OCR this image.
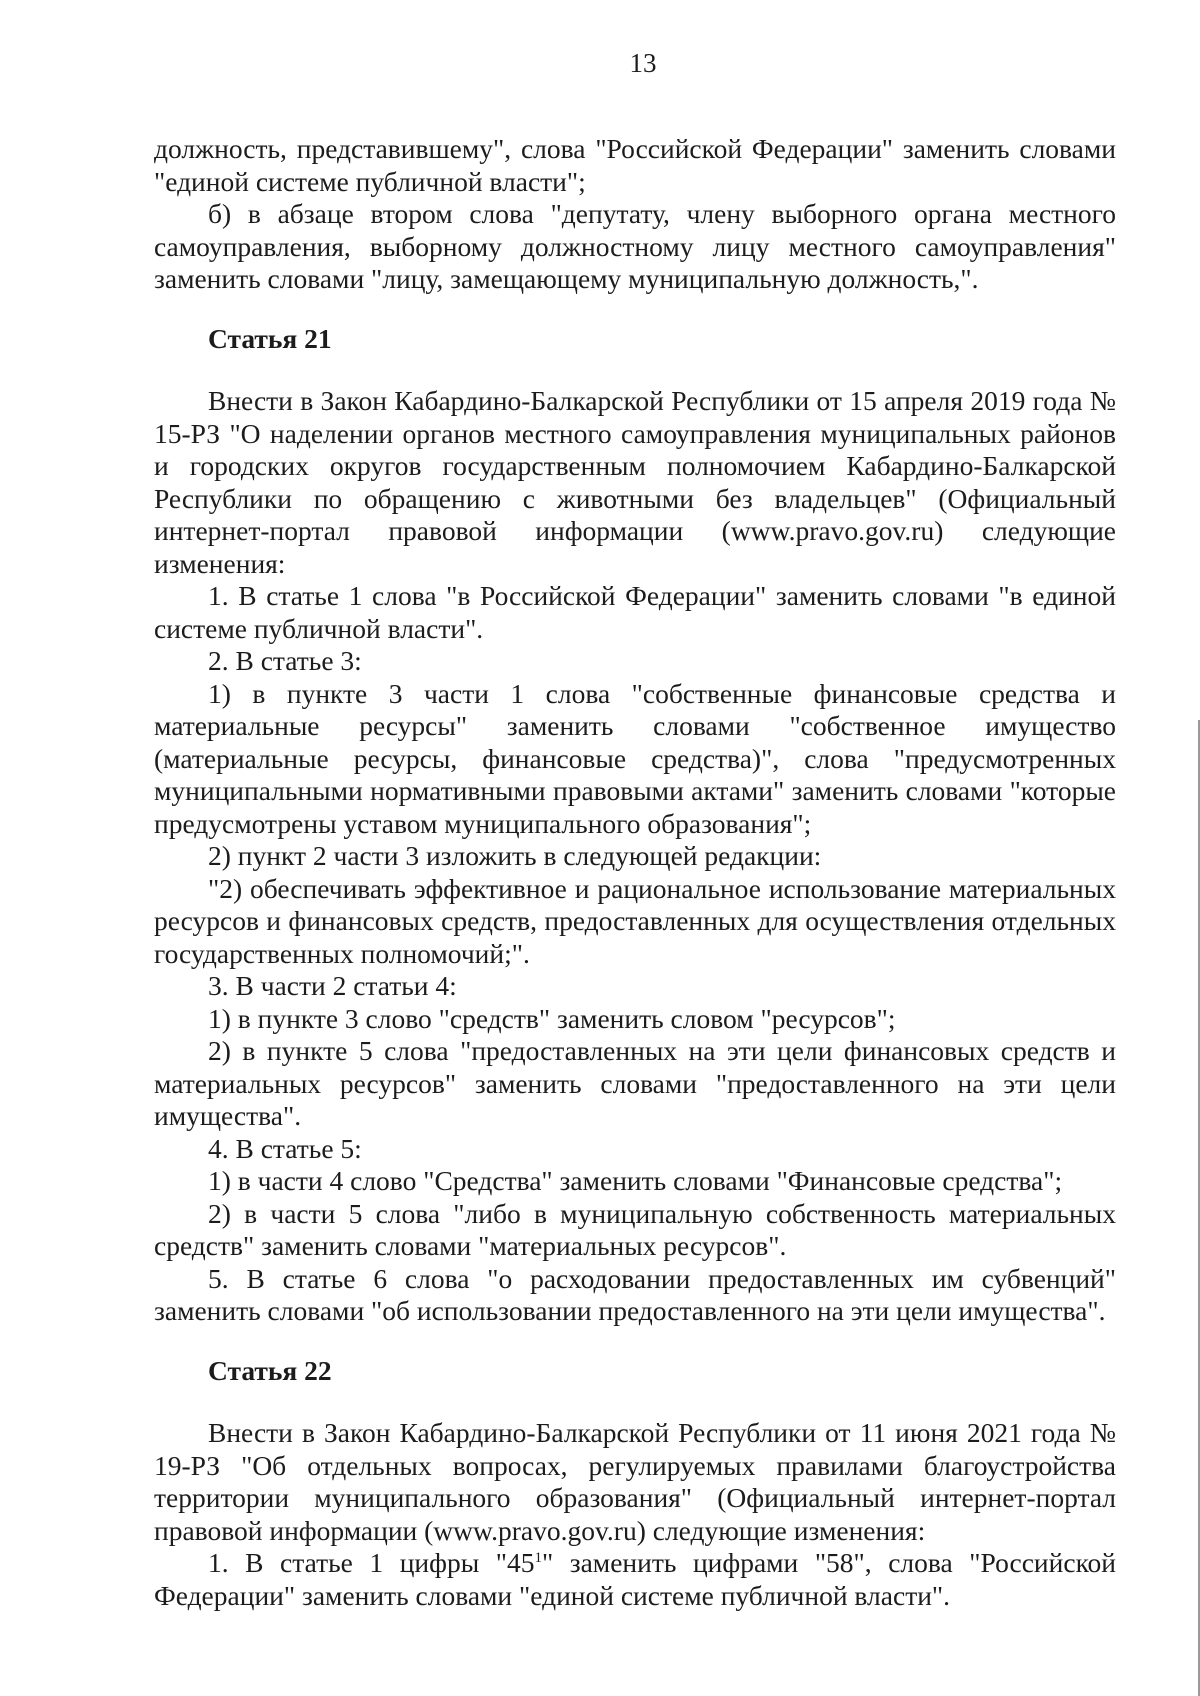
13

должность, представившему", слова "Российской Федерации" заменить словами "единой системе публичной власти";

б) в абзаце втором слова "депутату, члену выборного органа местного самоуправления, выборному должностному лицу местного самоуправления" заменить словами "лицу, замещающему муниципальную должность,".

Статья 21

Внести в Закон Кабардино-Балкарской Республики от 15 апреля 2019 года № 15-РЗ "О наделении органов местного самоуправления муниципальных районов и городских округов государственным полномочием Кабардино-Балкарской Республики по обращению с животными без владельцев" (Официальный интернет-портал правовой информации (www.pravo.gov.ru) следующие изменения:

1. В статье 1 слова "в Российской Федерации" заменить словами "в единой системе публичной власти".

2. В статье 3:

1) в пункте 3 части 1 слова "собственные финансовые средства и материальные ресурсы" заменить словами "собственное имущество (материальные ресурсы, финансовые средства)", слова "предусмотренных муниципальными нормативными правовыми актами" заменить словами "которые предусмотрены уставом муниципального образования";

2) пункт 2 части 3 изложить в следующей редакции:

"2) обеспечивать эффективное и рациональное использование материальных ресурсов и финансовых средств, предоставленных для осуществления отдельных государственных полномочий;".

3. В части 2 статьи 4:

1) в пункте 3 слово "средств" заменить словом "ресурсов";

2) в пункте 5 слова "предоставленных на эти цели финансовых средств и материальных ресурсов" заменить словами "предоставленного на эти цели имущества".

4. В статье 5:

1) в части 4 слово "Средства" заменить словами "Финансовые средства";

2) в части 5 слова "либо в муниципальную собственность материальных средств" заменить словами "материальных ресурсов".

5. В статье 6 слова "о расходовании предоставленных им субвенций" заменить словами "об использовании предоставленного на эти цели имущества".

Статья 22

Внести в Закон Кабардино-Балкарской Республики от 11 июня 2021 года № 19-РЗ "Об отдельных вопросах, регулируемых правилами благоустройства территории муниципального образования" (Официальный интернет-портал правовой информации (www.pravo.gov.ru) следующие изменения:

1. В статье 1 цифры "$45^1$" заменить цифрами "58", слова "Российской Федерации" заменить словами "единой системе публичной власти".
